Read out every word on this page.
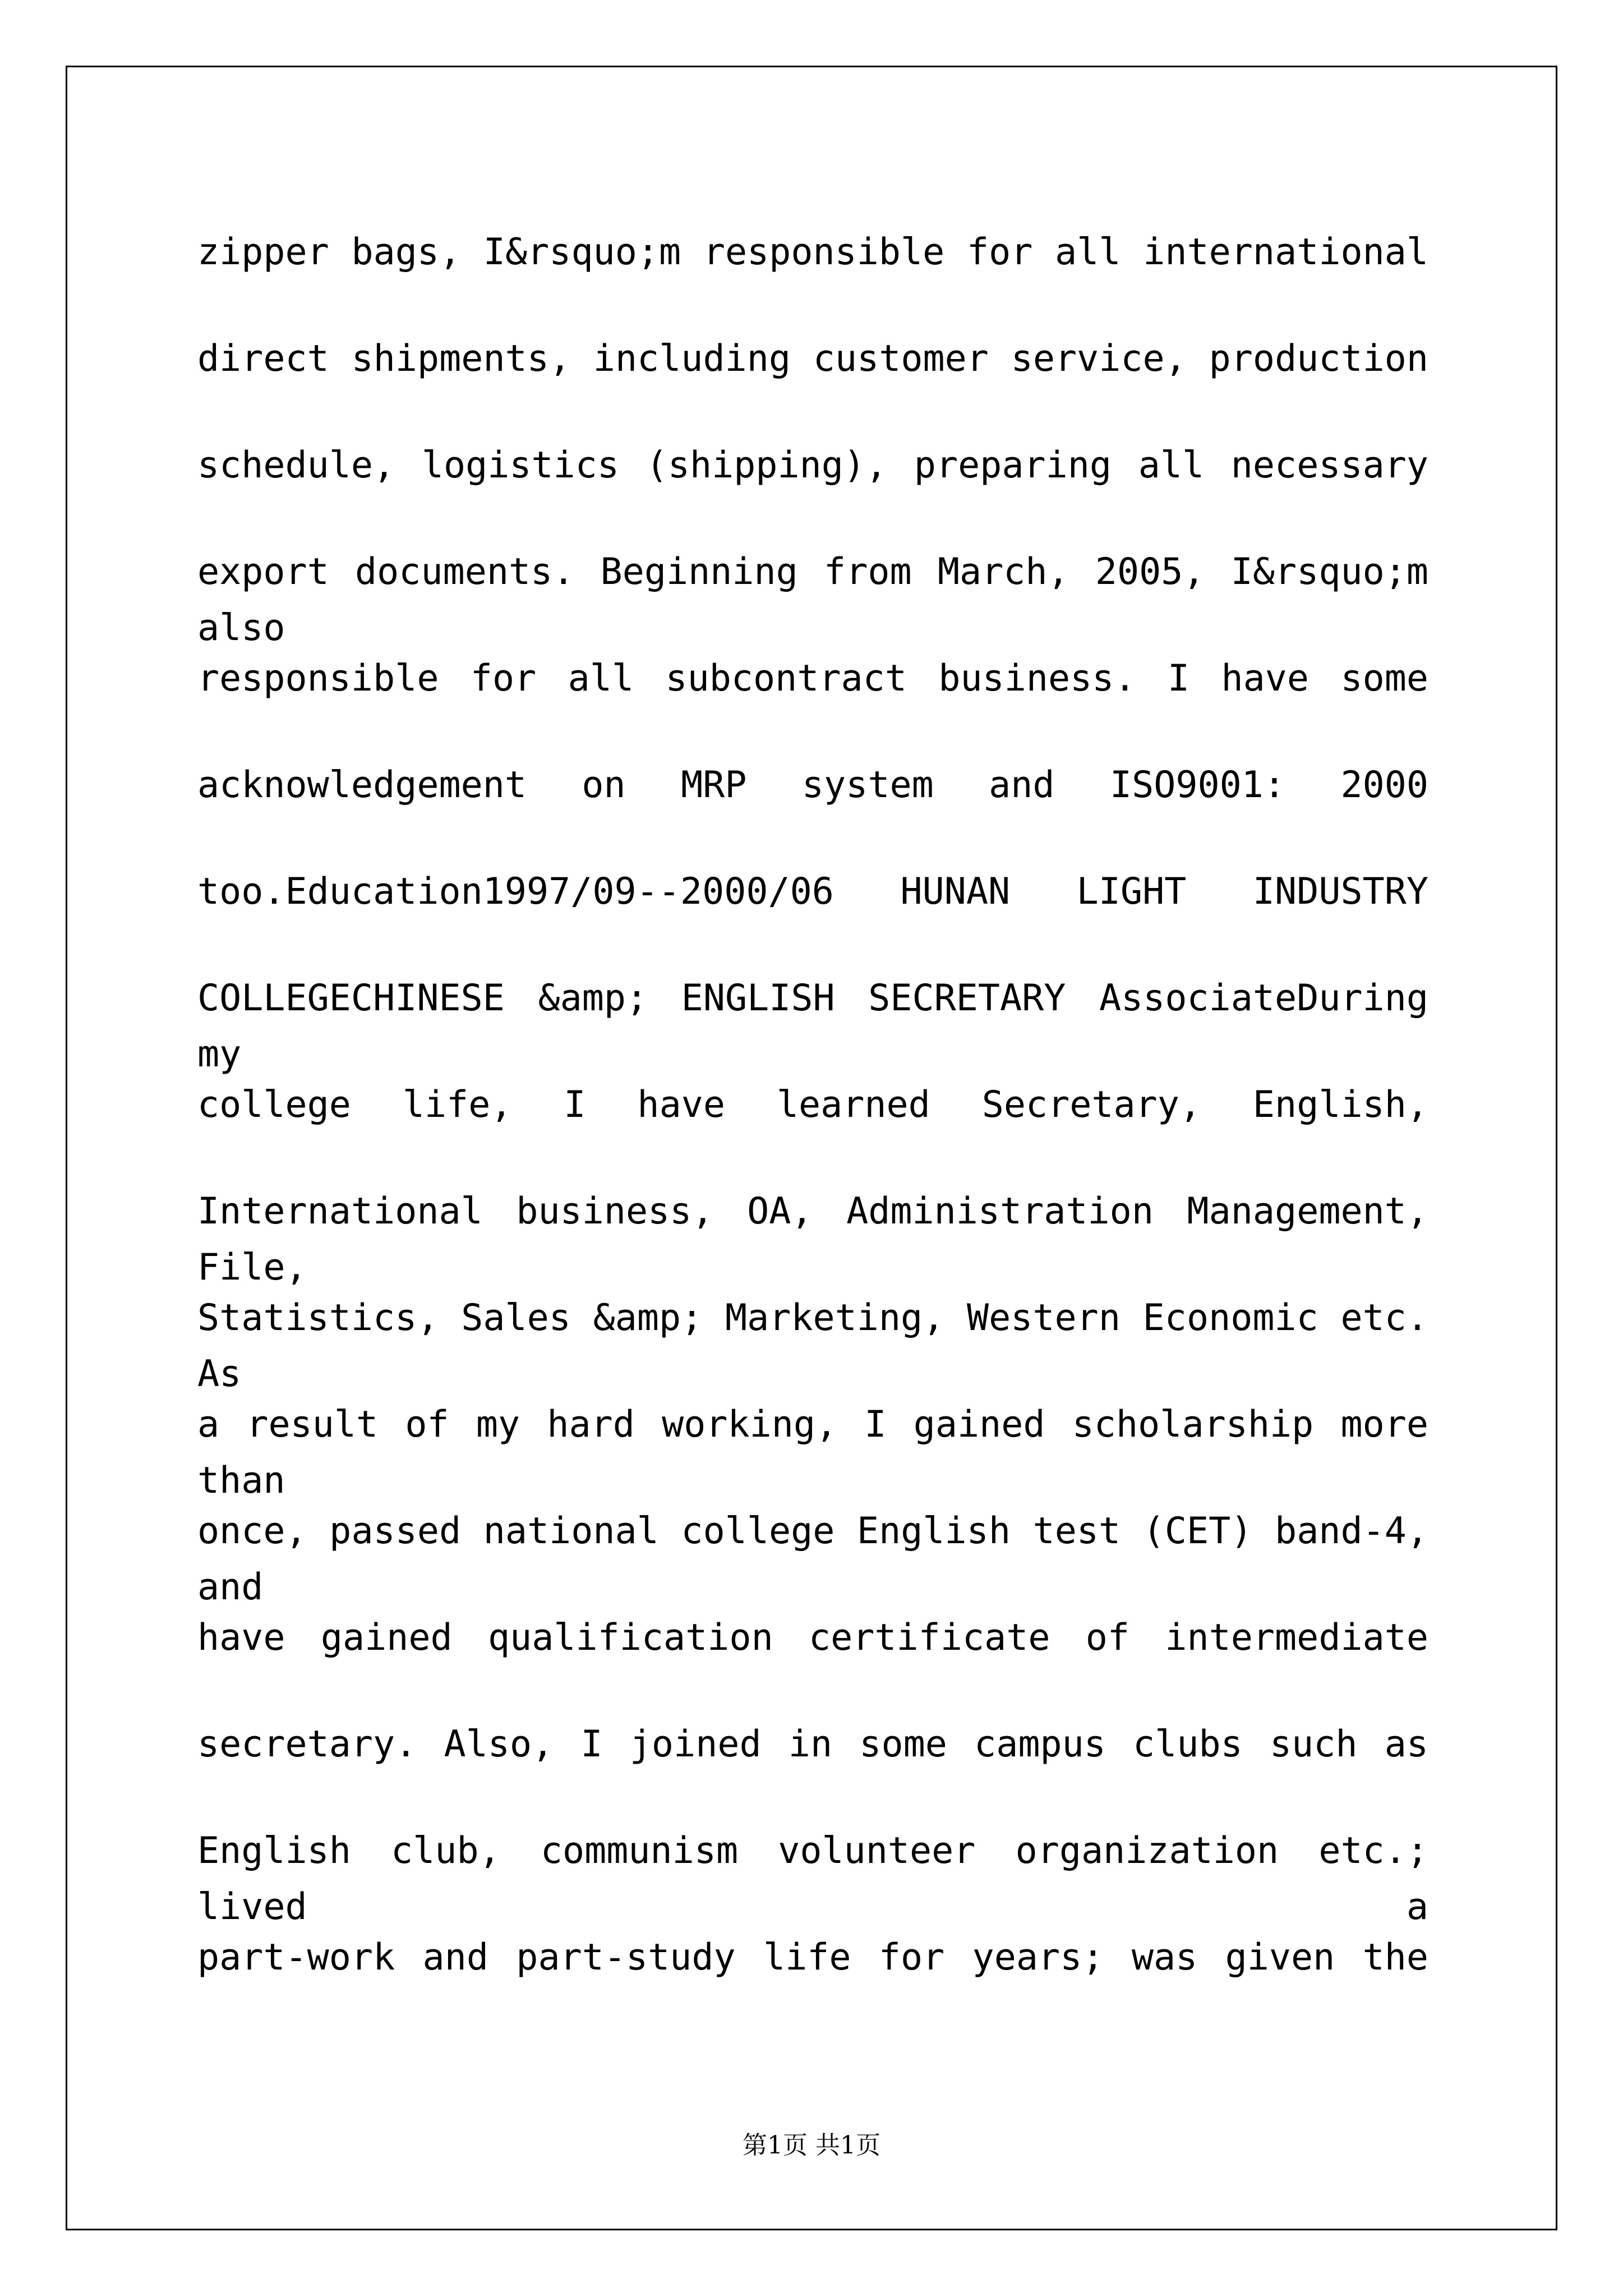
zipper bags, I&rsquo;m responsible for all international
direct shipments, including customer service, production
schedule, logistics (shipping), preparing all necessary
export documents. Beginning from March, 2005, I&rsquo;m also
responsible for all subcontract business. I have some
acknowledgement on MRP system and ISO9001: 2000
too.Education1997/09--2000/06 HUNAN LIGHT INDUSTRY
COLLEGECHINESE &amp; ENGLISH SECRETARY AssociateDuring my
college life, I have learned Secretary, English,
International business, OA, Administration Management, File,
Statistics, Sales &amp; Marketing, Western Economic etc. As
a result of my hard working, I gained scholarship more than
once, passed national college English test (CET) band-4, and
have gained qualification certificate of intermediate
secretary. Also, I joined in some campus clubs such as
English club, communism volunteer organization etc.; lived a
part-work and part-study life for years; was given the
第1页 共1页
